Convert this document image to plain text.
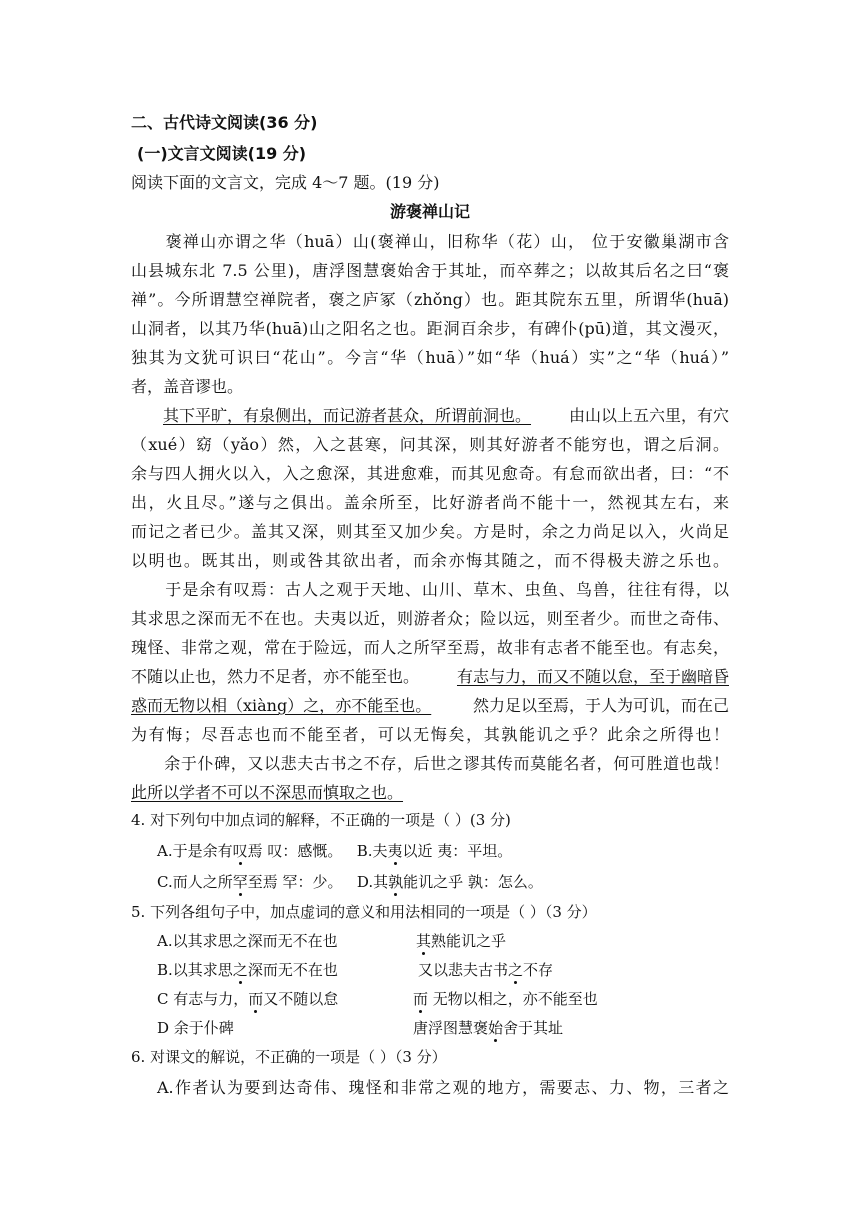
二、古代诗文阅读(36 分)
(一)文言文阅读(19 分)
阅读下面的文言文，完成 4～7 题。(19 分)
游褒禅山记
　　褒禅山亦谓之华（huā）山(褒禅山，旧称华（花）山， 位于安徽巢湖市含
山县城东北 7.5 公里)，唐浮图慧褒始舍于其址，而卒葬之；以故其后名之曰“褒
禅”。今所谓慧空禅院者，褒之庐冢（zhǒng）也。距其院东五里，所谓华(huā)
山洞者，以其乃华(huā)山之阳名之也。距洞百余步，有碑仆(pū)道，其文漫灭，
独其为文犹可识曰“花山”。今言“华（huā）”如“华（huá）实”之“华（huá）”
者，盖音谬也。
其下平旷，有泉侧出，而记游者甚众，所谓前洞也。 由山以上五六里，有穴
（xué）窈（yǎo）然，入之甚寒，问其深，则其好游者不能穷也，谓之后洞。
余与四人拥火以入，入之愈深，其进愈难，而其见愈奇。有怠而欲出者，曰：“不
出，火且尽。”遂与之俱出。盖余所至，比好游者尚不能十一，然视其左右，来
而记之者已少。盖其又深，则其至又加少矣。方是时，余之力尚足以入，火尚足
以明也。既其出，则或咎其欲出者，而余亦悔其随之，而不得极夫游之乐也。
　　于是余有叹焉：古人之观于天地、山川、草木、虫鱼、鸟兽，往往有得，以
其求思之深而无不在也。夫夷以近，则游者众；险以远，则至者少。而世之奇伟、
瑰怪、非常之观，常在于险远，而人之所罕至焉，故非有志者不能至也。有志矣，
不随以止也，然力不足者，亦不能至也。 有志与力，而又不随以怠，至于幽暗昏
惑而无物以相（xiàng）之，亦不能至也。	然力足以至焉，于人为可讥，而在己
为有悔；尽吾志也而不能至者，可以无悔矣，其孰能讥之乎？此余之所得也！
　　余于仆碑，又以悲夫古书之不存，后世之谬其传而莫能名者，何可胜道也哉！
此所以学者不可以不深思而慎取之也。
4. 对下列句中加点词的解释，不正确的一项是（ ）(3 分)
A.于是余有叹焉 叹：感慨。 B.夫夷以近 夷：平坦。
C.而人之所罕至焉 罕：少。 D.其孰能讥之乎 孰：怎么。
5. 下列各组句子中，加点虚词的意义和用法相同的一项是（ ）（3 分）
A.以其求思之深而无不在也	其熟能讥之乎
B.以其求思之深而无不在也	又以悲夫古书之不存
C 有志与力，而又不随以怠	而 无物以相之，亦不能至也
D 余于仆碑	唐浮图慧褒始舍于其址
6. 对课文的解说，不正确的一项是（ ）（3 分）
A.作者认为要到达奇伟、瑰怪和非常之观的地方，需要志、力、物，三者之
